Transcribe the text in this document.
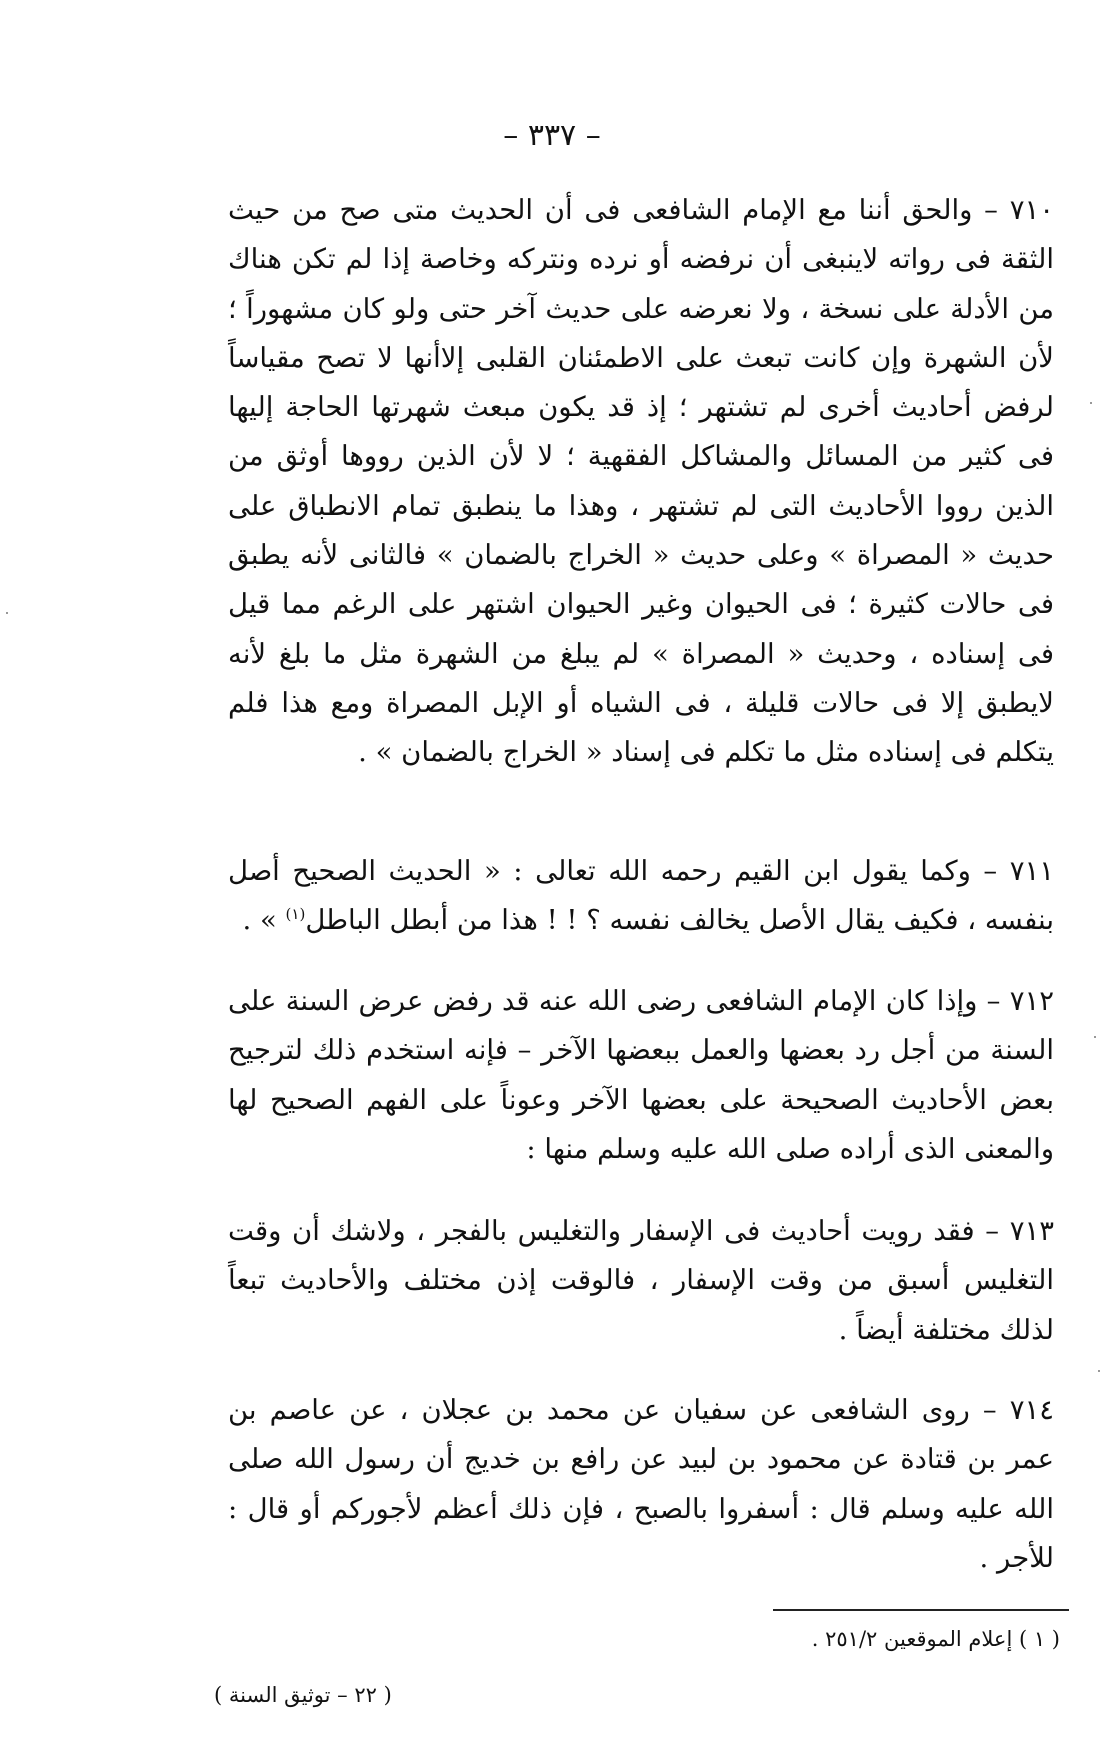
– ٣٣٧ –

٧١٠ – والحق أننا مع الإمام الشافعى فى أن الحديث متى صح من حيث الثقة فى رواته لاينبغى أن نرفضه أو نرده ونتركه وخاصة إذا لم تكن هناك من الأدلة على نسخة ، ولا نعرضه على حديث آخر حتى ولو كان مشهوراً ؛ لأن الشهرة وإن كانت تبعث على الاطمئنان القلبى إلاأنها لا تصح مقياساً لرفض أحاديث أخرى لم تشتهر ؛ إذ قد يكون مبعث شهرتها الحاجة إليها فى كثير من المسائل والمشاكل الفقهية ؛ لا لأن الذين رووها أوثق من الذين رووا الأحاديث التى لم تشتهر ، وهذا ما ينطبق تمام الانطباق على حديث « المصراة » وعلى حديث « الخراج بالضمان » فالثانى لأنه يطبق فى حالات كثيرة ؛ فى الحيوان وغير الحيوان اشتهر على الرغم مما قيل فى إسناده ، وحديث « المصراة » لم يبلغ من الشهرة مثل ما بلغ لأنه لايطبق إلا فى حالات قليلة ، فى الشياه أو الإبل المصراة ومع هذا فلم يتكلم فى إسناده مثل ما تكلم فى إسناد « الخراج بالضمان » .

٧١١ – وكما يقول ابن القيم رحمه الله تعالى : « الحديث الصحيح أصل بنفسه ، فكيف يقال الأصل يخالف نفسه ؟ ! ! هذا من أبطل الباطل$^{(١)}$ » .

٧١٢ – وإذا كان الإمام الشافعى رضى الله عنه قد رفض عرض السنة على السنة من أجل رد بعضها والعمل ببعضها الآخر – فإنه استخدم ذلك لترجيح بعض الأحاديث الصحيحة على بعضها الآخر وعوناً على الفهم الصحيح لها والمعنى الذى أراده صلى الله عليه وسلم منها :

٧١٣ – فقد رويت أحاديث فى الإسفار والتغليس بالفجر ، ولاشك أن وقت التغليس أسبق من وقت الإسفار ، فالوقت إذن مختلف والأحاديث تبعاً لذلك مختلفة أيضاً .

٧١٤ – روى الشافعى عن سفيان عن محمد بن عجلان ، عن عاصم بن عمر بن قتادة عن محمود بن لبيد عن رافع بن خديج أن رسول الله صلى الله عليه وسلم قال : أسفروا بالصبح ، فإن ذلك أعظم لأجوركم أو قال : للأجر .

( ١ ) إعلام الموقعين ٢٥١/٢ .
( ٢٢ – توثيق السنة )
